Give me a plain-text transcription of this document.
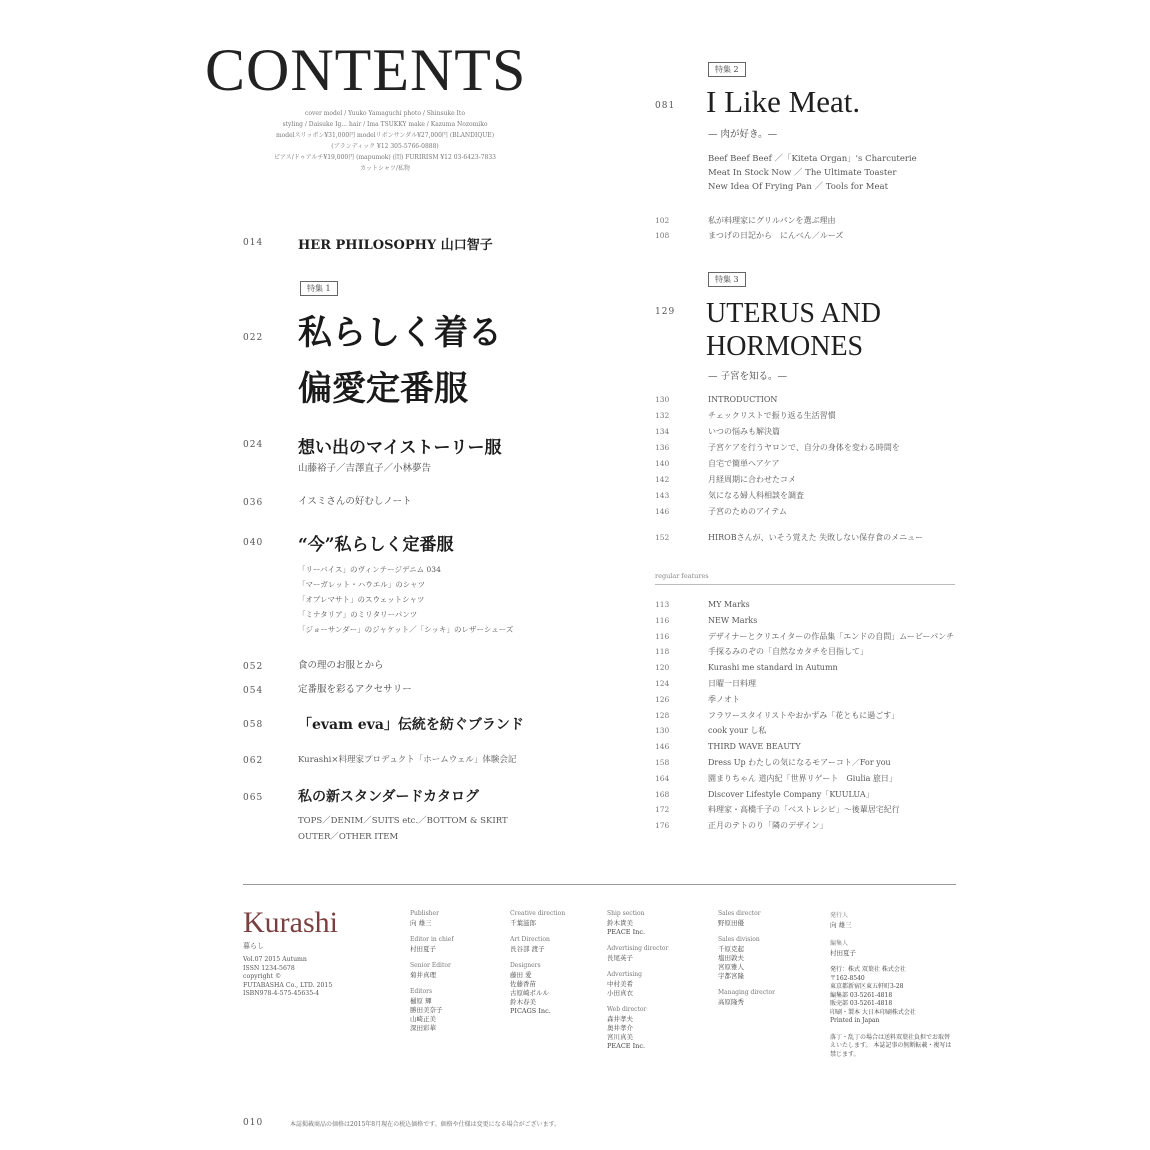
CONTENTS
cover model / Yuuko Yamaguchi photo / Shinsuke Ito
styling / Daisuke Ig... hair / Ima TSUKKY make / Kazuma Nozomiko
modelスリッポン¥31,000円 modelリボンサンダル¥27,000円 (BLANDIQUE)
(ブランディック ¥12 305-5766-0888)
ピアス/ドゥアルチ¥19,000円 (mapumok) (問) FURIRISM ¥12 03-6423-7833
カットシャツ/私物
014	HER PHILOSOPHY 山口智子
特集 1
022 私らしく着る
偏愛定番服
024 想い出のマイストーリー服
山藤裕子／吉澤直子／小林夢告
036	イスミさんの好むしノート
040 “今”私らしく定番服
「リーバイス」のヴィンテージデニム 034
「マーガレット・ハウエル」のシャツ
「オブレマサト」のスウェットシャツ
「ミナタリア」のミリタリーパンツ
「ジョーサンダー」のジャケット／「シッキ」のレザーシューズ
052	食の理のお服とから
054	定番服を彩るアクセサリー
058 「evam eva」伝統を紡ぐブランド
062	Kurashi×料理家プロデュクト「ホームウェル」体験会記
065 私の新スタンダードカタログ
TOPS／DENIM／SUITS etc.／BOTTOM & SKIRT
OUTER／OTHER ITEM
特集 2
081 I Like Meat.
— 肉が好き。—
Beef Beef Beef ／「Kiteta Organ」's Charcuterie
Meat In Stock Now ／ The Ultimate Toaster
New Idea Of Frying Pan ／ Tools for Meat
102	私が料理家にグリルパンを選ぶ理由
108	まつげの日記から　にんべん／ルーズ
特集 3
129 UTERUS AND
HORMONES
— 子宮を知る。—
130	INTRODUCTION
132	チェックリストで振り返る生活習慣
134	いつの悩みも解決篇
136	子宮ケアを行うヤロンで、自分の身体を変わる時間を
140	自宅で簡単ヘアケア
142	月経周期に合わせたコメ
143	気になる婦人科相談を調査
146	子宮のためのアイテム
152	HIROBさんが、いそう覚えた 失敗しない保存食のメニュー
regular features
113	MY Marks
116	NEW Marks
116	デザイナーとクリエイターの作品集「エンドの自問」ムービーパンチ
118	手探るみのぞの「自然なカタチを目指して」
120	Kurashi me standard in Autumn
124	日曜一日料理
126	季ノオト
128	フラワースタイリストやおかずみ「花ともに過ごす」
130	cook your し私
146	THIRD WAVE BEAUTY
158	Dress Up わたしの気になるモアーコト／For you
164	園まりちゃん 道内紀「世界リゲート　Giulia 旅日」
168	Discover Lifestyle Company「KUULUA」
172	料理家・高橋千子の「ベストレシピ」〜後輩居宅紀行
176	正月のテトのり「隣のデザイン」
Kurashi
暮らし
Vol.07 2015 Autumn
ISSN 1234-5678
copyright ©
FUTABASHA Co., LTD. 2015
ISBN978-4-575-45635-4
Publisher
向 雄三
Editor in chief
村田夏子
Senior Editor
菊井真理
Editors
樋原 輝
勝田美奈子
山崎正美
深田彩華
Creative direction
千葉滋郎
Art Direction
長谷部 渡子
Designers
藤田 愛
佐藤香苗
古原崎ポルル
鈴木春美
PICAGS Inc.
Ship section
鈴木貴美
PEACE Inc.
Advertising director
長尾英子
Advertising
中村美希
小田真衣
Web director
森井孝夫
奥井孝介
宮川真美
PEACE Inc.
Sales director
野原田優
Sales division
千原克起
塩田敦夫
宮原雅人
宇都宮隆
Managing director
高原隆秀
発行人
向 雄三
編集人
村田夏子
発行：株式 双葉社 株式会社
〒162-8540
東京都新宿区東五軒町3-28
編集部 03-5261-4818
販売部 03-5261-4818
印刷・製本 大日本印刷株式会社
Printed in Japan
落丁・乱丁の場合は送料双葉社負担でお取替えいたします。 本誌記事の無断転載・複写は禁じます。
010	本誌掲載商品の価格は2015年8月現在の税込価格です。価格や仕様は変更になる場合がございます。
